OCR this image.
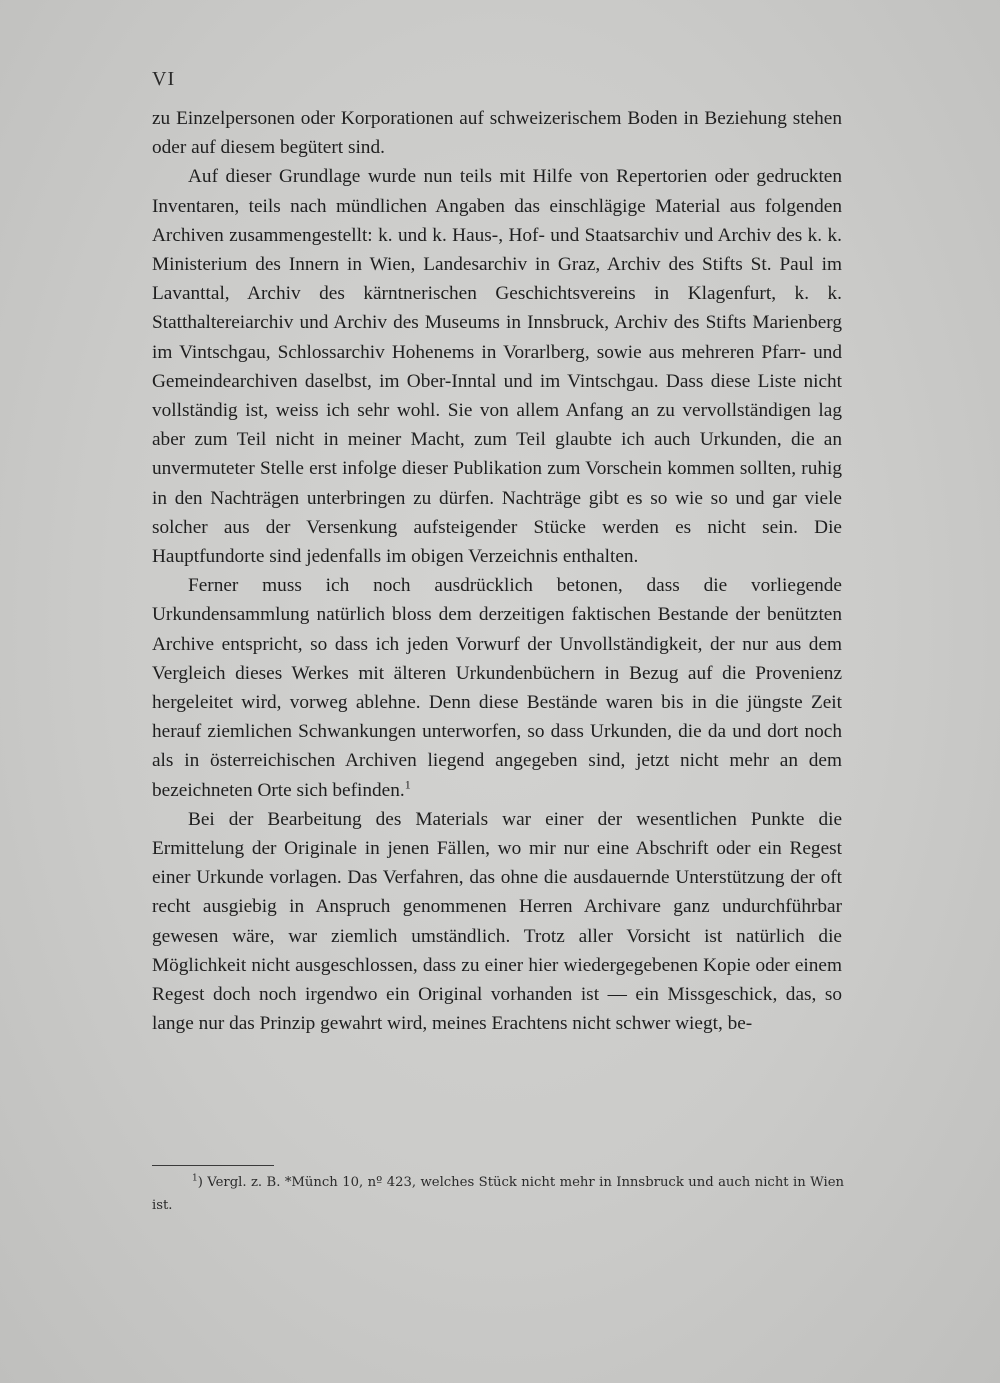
VI

zu Einzelpersonen oder Korporationen auf schweizerischem Boden in Beziehung stehen oder auf diesem begütert sind.

Auf dieser Grundlage wurde nun teils mit Hilfe von Repertorien oder gedruckten Inventaren, teils nach mündlichen Angaben das einschlägige Material aus folgenden Archiven zusammengestellt: k. und k. Haus-, Hof- und Staatsarchiv und Archiv des k. k. Ministerium des Innern in Wien, Landesarchiv in Graz, Archiv des Stifts St. Paul im Lavanttal, Archiv des kärntnerischen Geschichtsvereins in Klagenfurt, k. k. Statthaltereiarchiv und Archiv des Museums in Innsbruck, Archiv des Stifts Marienberg im Vintschgau, Schlossarchiv Hohenems in Vorarlberg, sowie aus mehreren Pfarr- und Gemeindearchiven daselbst, im Ober-Inntal und im Vintschgau. Dass diese Liste nicht vollständig ist, weiss ich sehr wohl. Sie von allem Anfang an zu vervollständigen lag aber zum Teil nicht in meiner Macht, zum Teil glaubte ich auch Urkunden, die an unvermuteter Stelle erst infolge dieser Publikation zum Vorschein kommen sollten, ruhig in den Nachträgen unterbringen zu dürfen. Nachträge gibt es so wie so und gar viele solcher aus der Versenkung aufsteigender Stücke werden es nicht sein. Die Hauptfundorte sind jedenfalls im obigen Verzeichnis enthalten.

Ferner muss ich noch ausdrücklich betonen, dass die vorliegende Urkundensammlung natürlich bloss dem derzeitigen faktischen Bestande der benützten Archive entspricht, so dass ich jeden Vorwurf der Unvollständigkeit, der nur aus dem Vergleich dieses Werkes mit älteren Urkundenbüchern in Bezug auf die Provenienz hergeleitet wird, vorweg ablehne. Denn diese Bestände waren bis in die jüngste Zeit herauf ziemlichen Schwankungen unterworfen, so dass Urkunden, die da und dort noch als in österreichischen Archiven liegend angegeben sind, jetzt nicht mehr an dem bezeichneten Orte sich befinden.$^1$

Bei der Bearbeitung des Materials war einer der wesentlichen Punkte die Ermittelung der Originale in jenen Fällen, wo mir nur eine Abschrift oder ein Regest einer Urkunde vorlagen. Das Verfahren, das ohne die ausdauernde Unterstützung der oft recht ausgiebig in Anspruch genommenen Herren Archivare ganz undurchführbar gewesen wäre, war ziemlich umständlich. Trotz aller Vorsicht ist natürlich die Möglichkeit nicht ausgeschlossen, dass zu einer hier wiedergegebenen Kopie oder einem Regest doch noch irgendwo ein Original vorhanden ist — ein Missgeschick, das, so lange nur das Prinzip gewahrt wird, meines Erachtens nicht schwer wiegt, be-

$^1$) Vergl. z. B. *Münch 10, nº 423, welches Stück nicht mehr in Innsbruck und auch nicht in Wien ist.
